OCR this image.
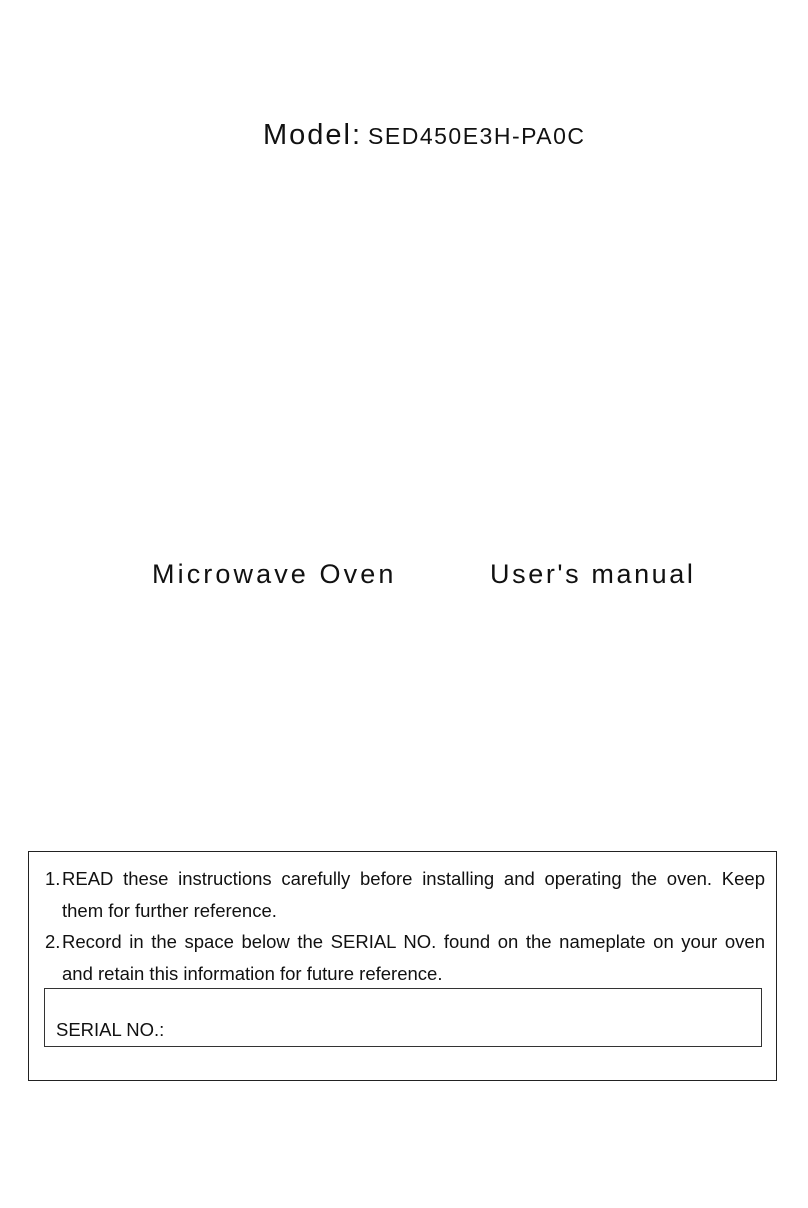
Model: SED450E3H-PA0C
Microwave Oven	User's manual
1. READ these instructions carefully before installing and operating the oven. Keep them for further reference.
2. Record in the space below the SERIAL NO. found on the nameplate on your oven and retain this information for future reference.
SERIAL NO.:
